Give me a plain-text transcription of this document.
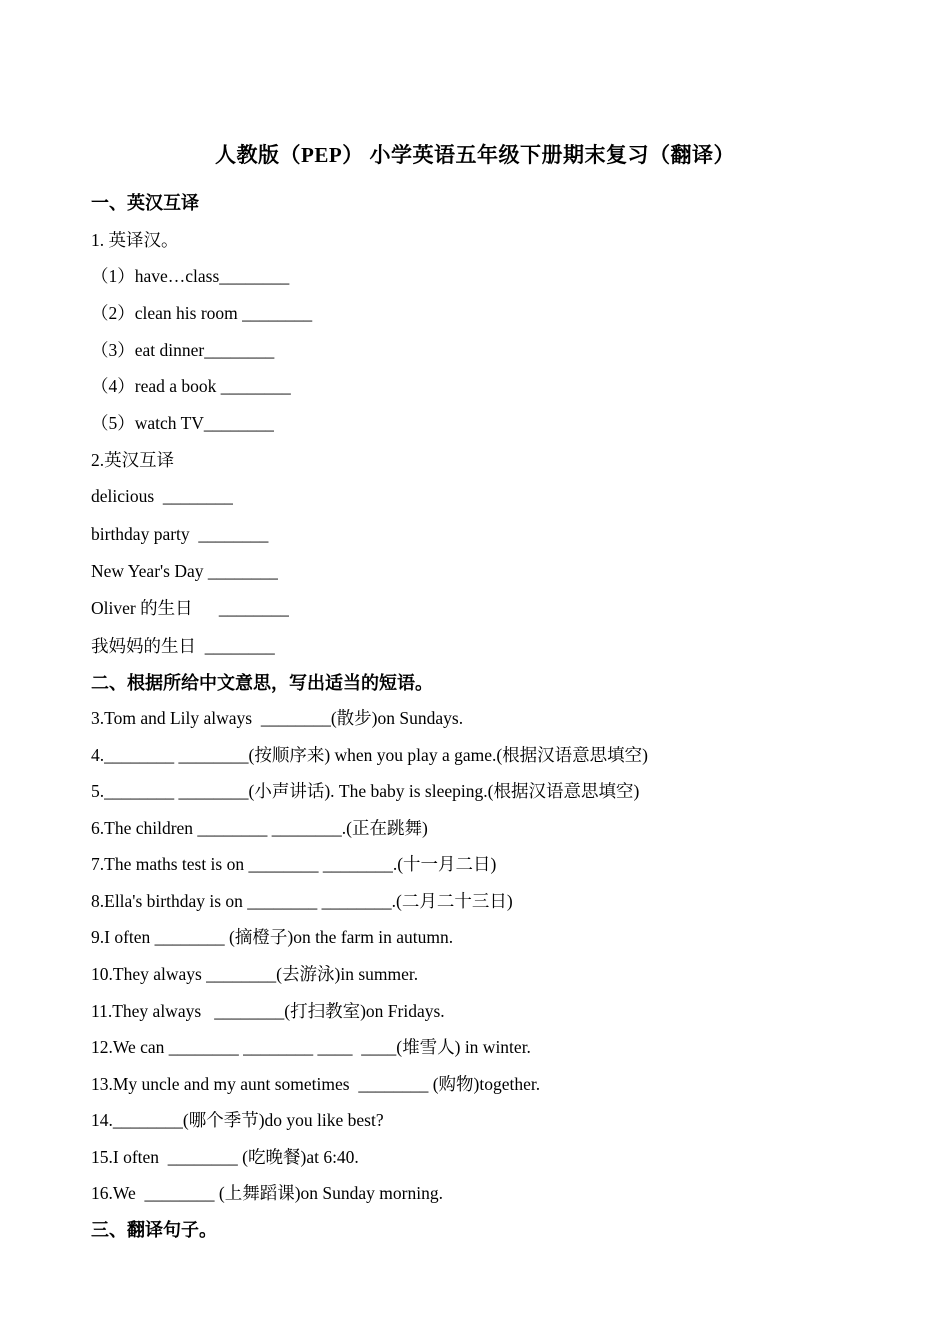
人教版（PEP） 小学英语五年级下册期末复习（翻译）
一、英汉互译
1. 英译汉。
（1）have…class________
（2）clean his room ________
（3）eat dinner________
（4）read a book ________
（5）watch TV________
2.英汉互译
delicious  ________
birthday party  ________
New Year's Day ________
Oliver 的生日      ________
我妈妈的生日  ________
二、根据所给中文意思，写出适当的短语。
3.Tom and Lily always  ________(散步)on Sundays.
4.________ ________(按顺序来) when you play a game.(根据汉语意思填空)
5.________ ________(小声讲话). The baby is sleeping.(根据汉语意思填空)
6.The children ________ ________.(正在跳舞)
7.The maths test is on ________ ________.(十一月二日)
8.Ella's birthday is on ________ ________.(二月二十三日)
9.I often ________ (摘橙子)on the farm in autumn.
10.They always ________(去游泳)in summer.
11.They always   ________(打扫教室)on Fridays.
12.We can ________ ________ ____  ____(堆雪人) in winter.
13.My uncle and my aunt sometimes  ________ (购物)together.
14.________(哪个季节)do you like best?
15.I often  ________ (吃晚餐)at 6:40.
16.We  ________ (上舞蹈课)on Sunday morning.
三、翻译句子。
